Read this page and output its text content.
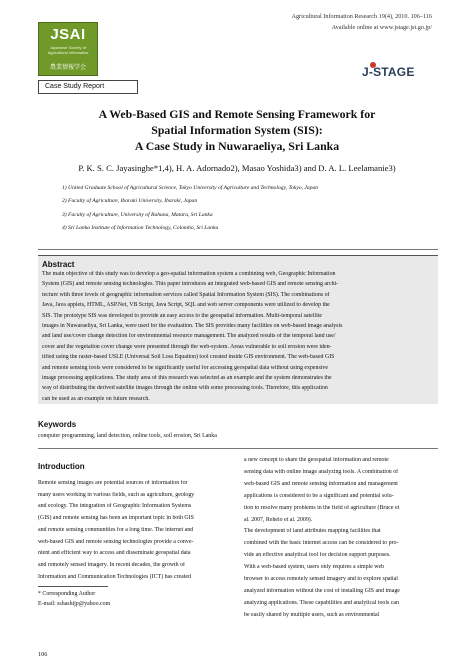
JSAI
Japanese Society of Agricultural Informatics
農業情報学会
Agricultural Information Research 19(4), 2010. 106–116
Available online at www.jstage.jst.go.jp/
J-STAGE
Case Study Report
A Web-Based GIS and Remote Sensing Framework for
Spatial Information System (SIS):
A Case Study in Nuwaraeliya, Sri Lanka
P. K. S. C. Jayasinghe*1,4), H. A. Adornado2), Masao Yoshida3) and D. A. L. Leelamanie3)
1) United Graduate School of Agricultural Science, Tokyo University of Agriculture and Technology, Tokyo, Japan
2) Faculty of Agriculture, Ibaraki University, Ibaraki, Japan
3) Faculty of Agriculture, University of Ruhuna, Matara, Sri Lanka
4) Sri Lanka Institute of Information Technology, Colombo, Sri Lanka
Abstract
The main objective of this study was to develop a geo-spatial information system a combining web, Geographic Information
System (GIS) and remote sensing technologies. This paper introduces an integrated web-based GIS and remote sensing archi-
tecture with three levels of geographic information services called Spatial Information System (SIS). The combinations of
Java, Java applets, HTML, ASP.Net, VB Script, Java Script, SQL and web server components were utilized to develop the
SIS. The prototype SIS was developed to provide an easy access to the geospatial information. Multi-temporal satellite
images in Nuwaraeliya, Sri Lanka, were used for the evaluation. The SIS provides many facilities on web-based image analysis
and land use/cover change detection for environmental resource management. The analyzed results of the temporal land use/
cover and the vegetation cover change were presented through the web-system. Areas vulnerable to soil erosion were iden-
tified using the raster-based USLE (Universal Soil Loss Equation) tool created inside GIS environment. The web-based GIS
and remote sensing tools were considered to be significantly useful for accessing geospatial data without using expensive
image processing applications. The study area of this research was selected as an example and the system demonstrates the
way of distributing the derived satellite images through the online with some processing tools. Therefore, this application
can be used as an example on future research.
Keywords
computer programming, land detection, online tools, soil erosion, Sri Lanka
Introduction
Remote sensing images are potential sources of information for
many users working in various fields, such as agriculture, geology
and ecology. The integration of Geographic Information Systems
(GIS) and remote sensing has been an important topic in both GIS
and remote sensing communities for a long time. The internet and
web-based GIS and remote sensing technologies provide a conve-
nient and efficient way to access and disseminate geospatial data
and remotely sensed imagery. In recent decades, the growth of
Information and Communication Technologies (ICT) has created
a new concept to share the geospatial information and remote
sensing data with online image analyzing tools. A combination of
web-based GIS and remote sensing information and management
applications is considered to be a significant and potential solu-
tion to resolve many problems in the field of agriculture (Bruce et
al. 2007, Rehelo et al. 2009).
The development of land attributes mapping facilities that
combined with the basic internet access can be considered to pro-
vide an effective analytical tool for decision support purposes.
With a web-based system, users only requires a simple web
browser to access remotely sensed imagery and to explore spatial
analyzed information without the cost of installing GIS and image
analyzing applications. These capabilities and analytical tools can
be easily shared by multiple users, such as environmental
* Corresponding Author
E-mail: sshashijp@yahoo.com
106
